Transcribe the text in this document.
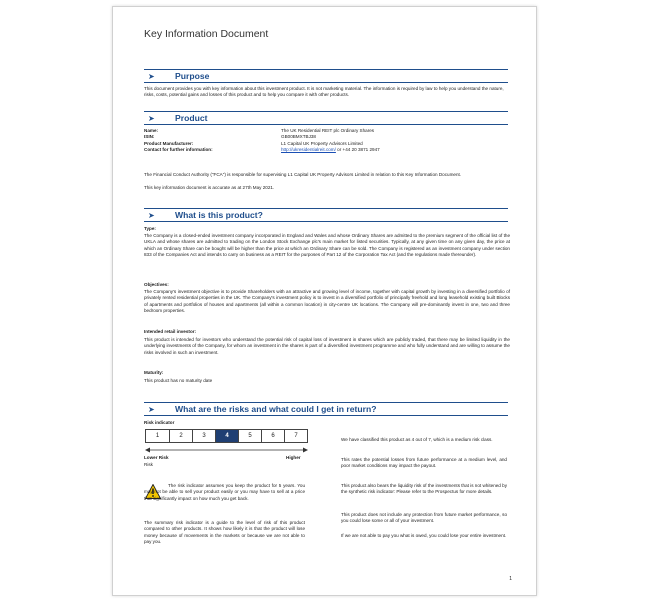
Key Information Document
➤	Purpose
This document provides you with key information about this investment product. It is not marketing material. The information is required by law to help you understand the nature, risks, costs, potential gains and losses of this product and to help you compare it with other products.
➤	Product
Name:	The UK Residential REIT plc Ordinary Shares
ISIN:	GB00BMXTBJ38
Product Manufacturer:	L1 Capital UK Property Advisors Limited
Contact for further information:	http://ukresidentialreit.com/ or +44 20 3871 2947
The Financial Conduct Authority ("FCA") is responsible for supervising L1 Capital UK Property Advisors Limited in relation to this Key Information Document.
This key information document is accurate as at 27th May 2021.
➤	What is this product?
Type:
The Company is a closed-ended investment company incorporated in England and Wales and whose Ordinary Shares are admitted to the premium segment of the official list of the UKLA and whose shares are admitted to trading on the London Stock Exchange plc's main market for listed securities. Typically, at any given time on any given day, the price at which an Ordinary Share can be bought will be higher than the price at which an Ordinary Share can be sold. The Company is registered as an investment company under section 833 of the Companies Act and intends to carry on business as a REIT for the purposes of Part 12 of the Corporation Tax Act (and the regulations made thereunder).
Objectives:
The Company's investment objective is to provide Shareholders with an attractive and growing level of income, together with capital growth by investing in a diversified portfolio of privately rented residential properties in the UK. The Company's investment policy is to invest in a diversified portfolio of principally freehold and long leasehold existing built Blocks of apartments and portfolios of houses and apartments (all within a common location) in city-centre UK locations. The Company will pre-dominantly invest in one, two and three bedroom properties.
Intended retail investor:
This product is intended for investors who understand the potential risk of capital loss of investment in shares which are publicly traded, that there may be limited liquidity in the underlying investments of the Company, for whom an investment in the shares is part of a diversified investment programme and who fully understand and are willing to assume the risks involved in such an investment.
Maturity:
This product has no maturity date
➤	What are the risks and what could I get in return?
Risk indicator
1	2	3	4	5	6	7
Lower Risk	Higher
Risk
The risk indicator assumes you keep the product for 5 years. You may not be able to sell your product easily or you may have to sell at a price that significantly impact on how much you get back.
The summary risk indicator is a guide to the level of risk of this product compared to other products. It shows how likely it is that the product will lose money because of movements in the markets or because we are not able to pay you.
We have classified this product as 4 out of 7, which is a medium risk class.
This rates the potential losses from future performance at a medium level, and poor market conditions may impact the payout.
This product also bears the liquidity risk of the investments that is not whitened by the synthetic risk indicator: Please refer to the Prospectus for more details.
This product does not include any protection from future market performance, so you could lose some or all of your investment.
If we are not able to pay you what is owed, you could lose your entire investment.
1
